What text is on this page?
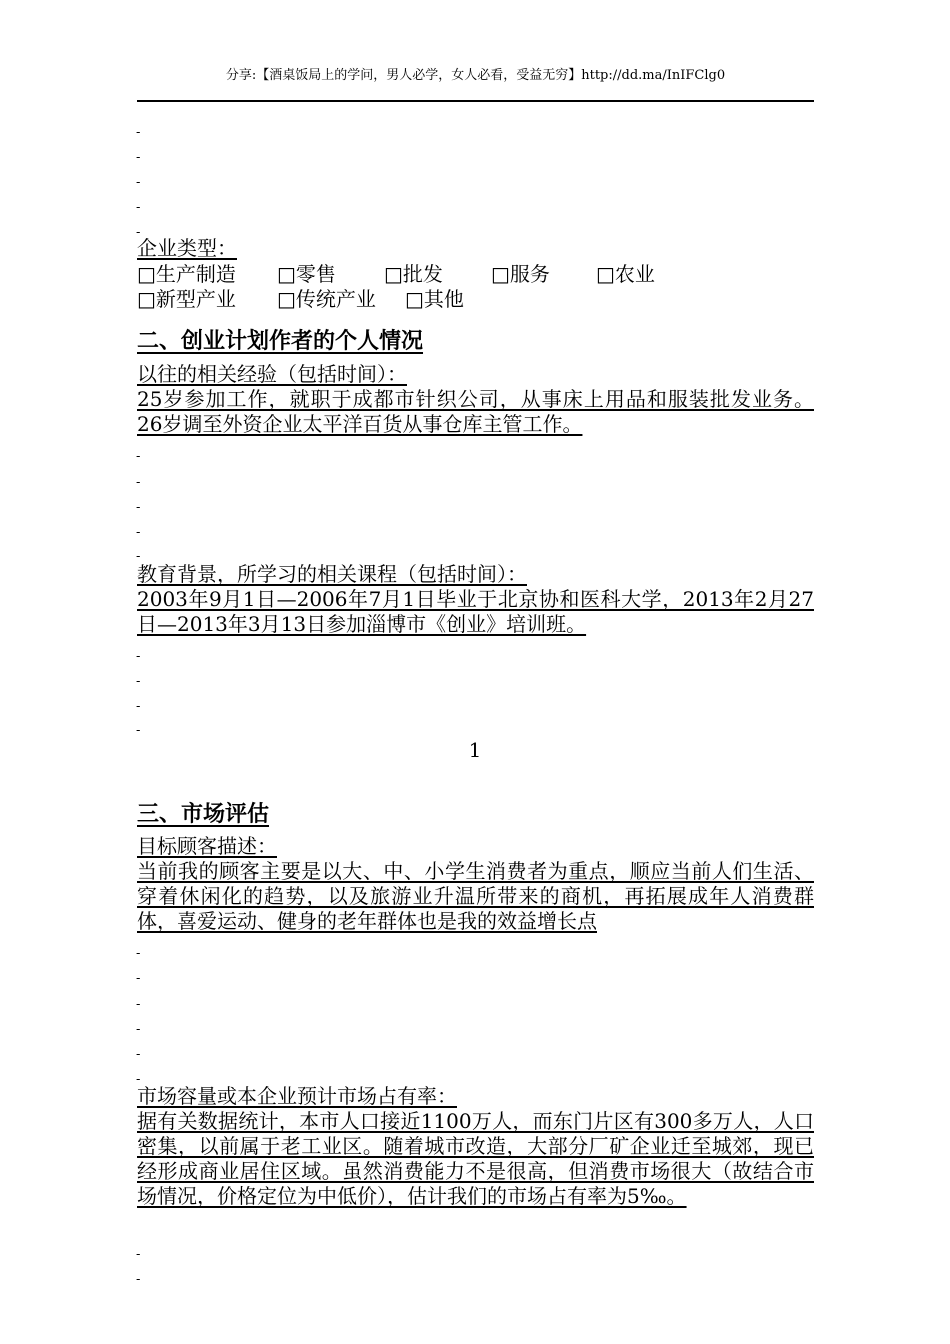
分享:【酒桌饭局上的学问，男人必学，女人必看，受益无穷】http://dd.ma/InIFClg0
-
-
-
-
-
企业类型：
□生产制造 □零售 □批发 □服务 □农业
□新型产业 □传统产业 □其他
二、创业计划作者的个人情况
以往的相关经验（包括时间）：
25岁参加工作，就职于成都市针织公司，从事床上用品和服装批发业务。 26岁调至外资企业太平洋百货从事仓库主管工作。
-
-
-
-
-
教育背景，所学习的相关课程（包括时间）：
2003年9月1日—2006年7月1日毕业于北京协和医科大学，2013年2月27日—2013年3月13日参加淄博市《创业》培训班。
-
-
-
-
1
三、市场评估
目标顾客描述：
当前我的顾客主要是以大、中、小学生消费者为重点，顺应当前人们生活、穿着休闲化的趋势，以及旅游业升温所带来的商机，再拓展成年人消费群体，喜爱运动、健身的老年群体也是我的效益增长点
-
-
-
-
-
-
市场容量或本企业预计市场占有率：
据有关数据统计，本市人口接近1100万人，而东门片区有300多万人，人口密集，以前属于老工业区。随着城市改造，大部分厂矿企业迁至城郊，现已经形成商业居住区域。虽然消费能力不是很高，但消费市场很大（故结合市场情况，价格定位为中低价），估计我们的市场占有率为5‰。
-
-
